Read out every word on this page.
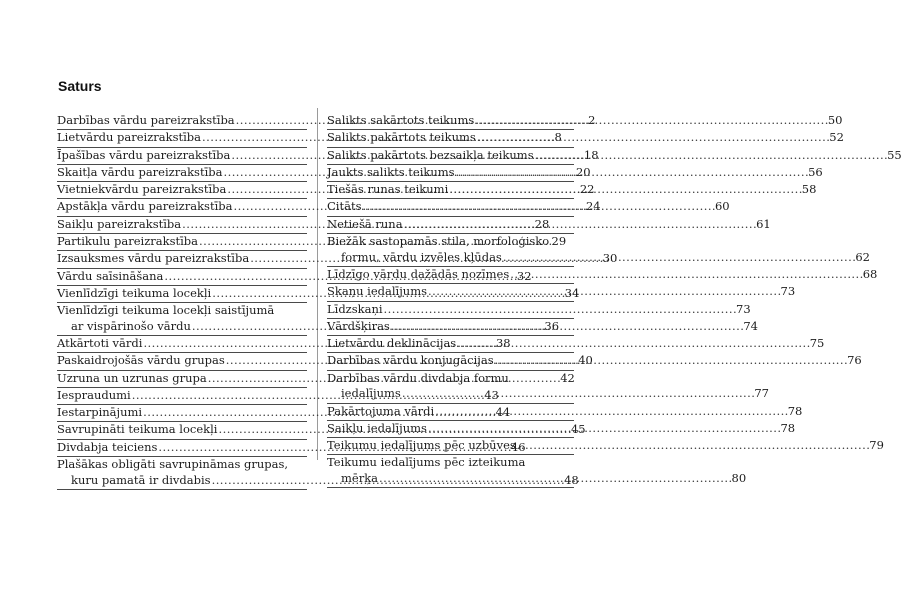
Saturs
Darbības vārdu pareizrakstība . . .	2
Lietvārdu pareizrakstība . . .	8
Īpašības vārdu pareizrakstība . . .	18
Skaitļa vārdu pareizrakstība . . .	20
Vietniekvārdu pareizrakstība . . .	22
Apstākļa vārdu pareizrakstība . . .	24
Saikļu pareizrakstība . . .	28
Partikulu pareizrakstība . . .	29
Izsauksmes vārdu pareizrakstība . . .	30
Vārdu saīsināšana . . .	32
Vienlīdzīgi teikuma locekļi . . .	34
Vienlīdzīgi teikuma locekļi saistījumā
ar vispārinošo vārdu . . .	36
Atkārtoti vārdi . . .	38
Paskaidrojošās vārdu grupas . . .	40
Uzruna un uzrunas grupa . . .	42
Iespraudumi . . .	43
Iestarpinājumi . . .	44
Savrupināti teikuma locekļi . . .	45
Divdabja teiciens . . .	46
Plašākas obligāti savrupināmas grupas,
kuru pamatā ir divdabis . . .	48
Salikts sakārtots teikums . . .	50
Salikts pakārtots teikums . . .	52
Salikts pakārtots bezsaikļa teikums . . .	55
Jaukts salikts teikums . . .	56
Tiešās runas teikumi . . .	58
Citāts . . .	60
Netiešā runa . . .	61
Biežāk sastopamās stila, morfoloģisko
formu, vārdu izvēles kļūdas . . .	62
Līdzīgo vārdu dažādās nozīmes . . .	68
Skaņu iedalījums . . .	73
Līdzskaņi . . .	73
Vārdšķiras . . .	74
Lietvārdu deklinācijas . . .	75
Darbības vārdu konjugācijas . . .	76
Darbības vārdu divdabja formu
iedalījums . . .	77
Pakārtojuma vārdi . . .	78
Saikļu iedalījums . . .	78
Teikumu iedalījums pēc uzbūves . . .	79
Teikumu iedalījums pēc izteikuma
mērķa . . .	80
